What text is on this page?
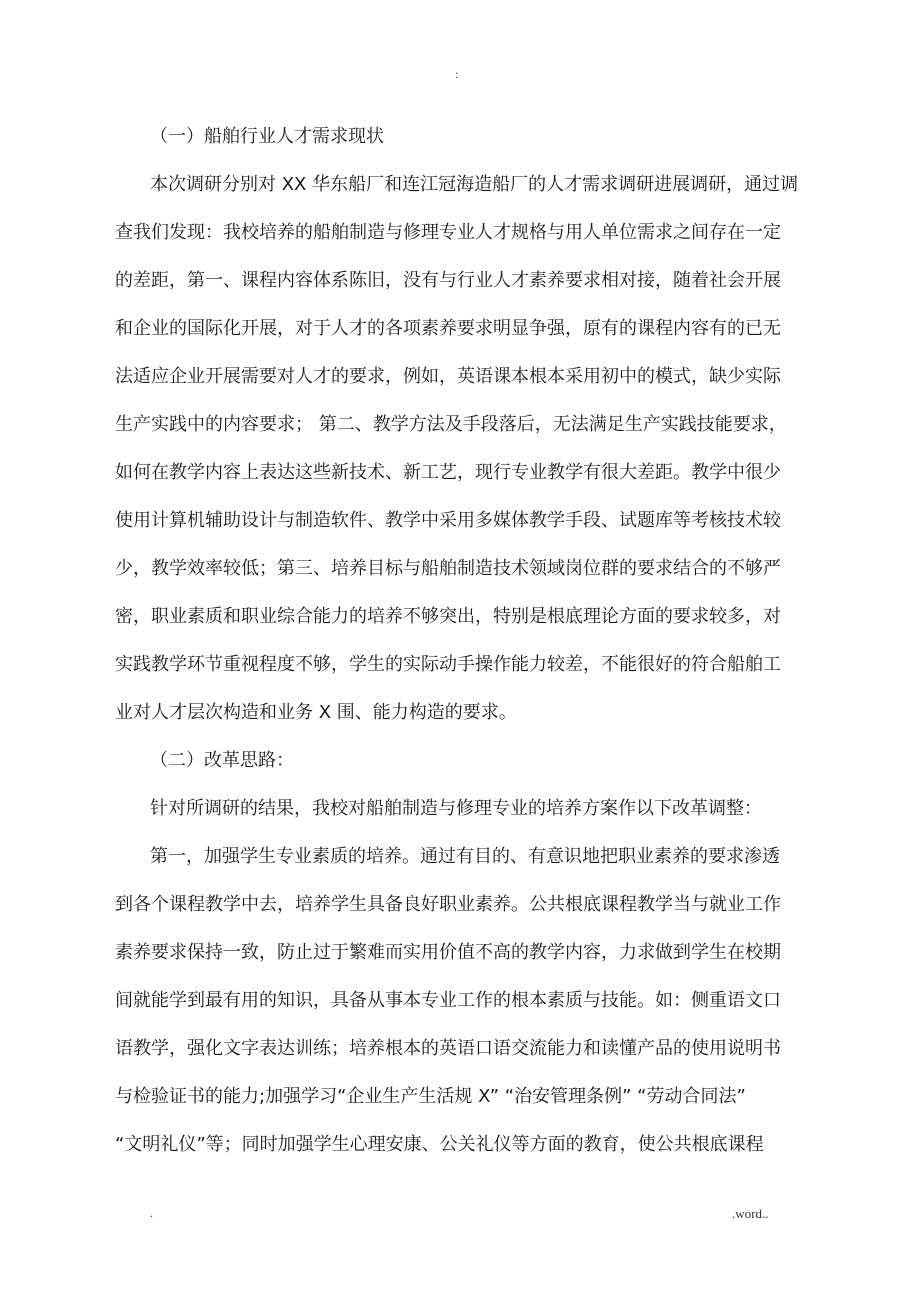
:
（一）船舶行业人才需求现状
本次调研分别对 XX 华东船厂和连江冠海造船厂的人才需求调研进展调研，通过调
查我们发现：我校培养的船舶制造与修理专业人才规格与用人单位需求之间存在一定
的差距，第一、课程内容体系陈旧，没有与行业人才素养要求相对接，随着社会开展
和企业的国际化开展，对于人才的各项素养要求明显争强，原有的课程内容有的已无
法适应企业开展需要对人才的要求，例如，英语课本根本采用初中的模式，缺少实际
生产实践中的内容要求； 第二、教学方法及手段落后，无法满足生产实践技能要求，
如何在教学内容上表达这些新技术、新工艺，现行专业教学有很大差距。教学中很少
使用计算机辅助设计与制造软件、教学中采用多媒体教学手段、试题库等考核技术较
少，教学效率较低；第三、培养目标与船舶制造技术领域岗位群的要求结合的不够严
密，职业素质和职业综合能力的培养不够突出，特别是根底理论方面的要求较多，对
实践教学环节重视程度不够，学生的实际动手操作能力较差，不能很好的符合船舶工
业对人才层次构造和业务 X 围、能力构造的要求。
（二）改革思路：
针对所调研的结果，我校对船舶制造与修理专业的培养方案作以下改革调整：
第一，加强学生专业素质的培养。通过有目的、有意识地把职业素养的要求渗透
到各个课程教学中去，培养学生具备良好职业素养。公共根底课程教学当与就业工作
素养要求保持一致，防止过于繁难而实用价值不高的教学内容，力求做到学生在校期
间就能学到最有用的知识，具备从事本专业工作的根本素质与技能。如：侧重语文口
语教学，强化文字表达训练；培养根本的英语口语交流能力和读懂产品的使用说明书
与检验证书的能力;加强学习“企业生产生活规 X” “治安管理条例” “劳动合同法”
“文明礼仪”等；同时加强学生心理安康、公关礼仪等方面的教育，使公共根底课程
.	.word..
